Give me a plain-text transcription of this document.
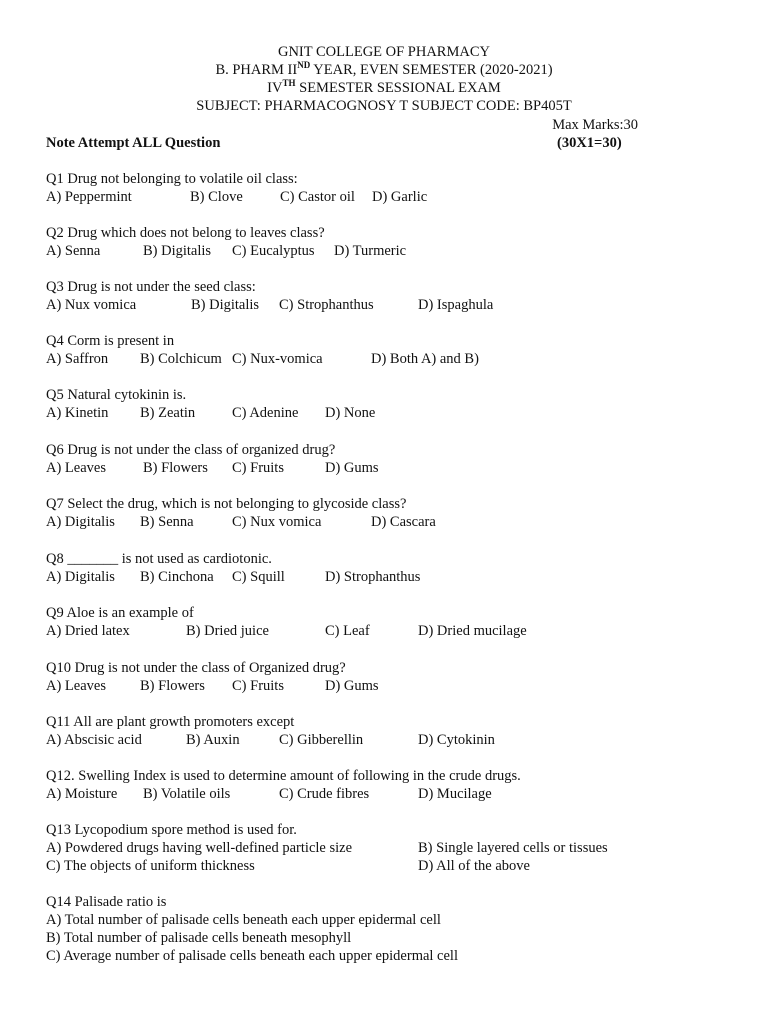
GNIT COLLEGE OF PHARMACY
B. PHARM IIND YEAR, EVEN SEMESTER (2020-2021)
IVTH SEMESTER SESSIONAL EXAM
SUBJECT: PHARMACOGNOSY T SUBJECT CODE: BP405T
Max Marks:30
Note Attempt ALL Question	(30X1=30)
Q1 Drug not belonging to volatile oil class:
A) Peppermint	B) Clove	C) Castor oil D) Garlic
Q2 Drug which does not belong to leaves class?
A) Senna	B) Digitalis C) Eucalyptus D) Turmeric
Q3 Drug is not under the seed class:
A) Nux vomica	B) Digitalis C) Strophanthus	D) Ispaghula
Q4 Corm is present in
A) Saffron B) Colchicum C) Nux-vomica	D) Both A) and B)
Q5 Natural cytokinin is.
A) Kinetin B) Zeatin	C) Adenine D) None
Q6 Drug is not under the class of organized drug?
A) Leaves	B) Flowers C) Fruits	D) Gums
Q7 Select the drug, which is not belonging to glycoside class?
A) Digitalis B) Senna	C) Nux vomica	D) Cascara
Q8 _______ is not used as cardiotonic.
A) Digitalis B) Cinchona C) Squill	D) Strophanthus
Q9 Aloe is an example of
A) Dried latex	B) Dried juice	C) Leaf	D) Dried mucilage
Q10 Drug is not under the class of Organized drug?
A) Leaves B) Flowers C) Fruits	D) Gums
Q11 All are plant growth promoters except
A) Abscisic acid	B) Auxin	C) Gibberellin	D) Cytokinin
Q12. Swelling Index is used to determine amount of following in the crude drugs.
A) Moisture B) Volatile oils	C) Crude fibres	D) Mucilage
Q13 Lycopodium spore method is used for.
A) Powdered drugs having well-defined particle size	B) Single layered cells or tissues
C) The objects of uniform thickness	D) All of the above
Q14 Palisade ratio is
A) Total number of palisade cells beneath each upper epidermal cell
B) Total number of palisade cells beneath mesophyll
C) Average number of palisade cells beneath each upper epidermal cell
